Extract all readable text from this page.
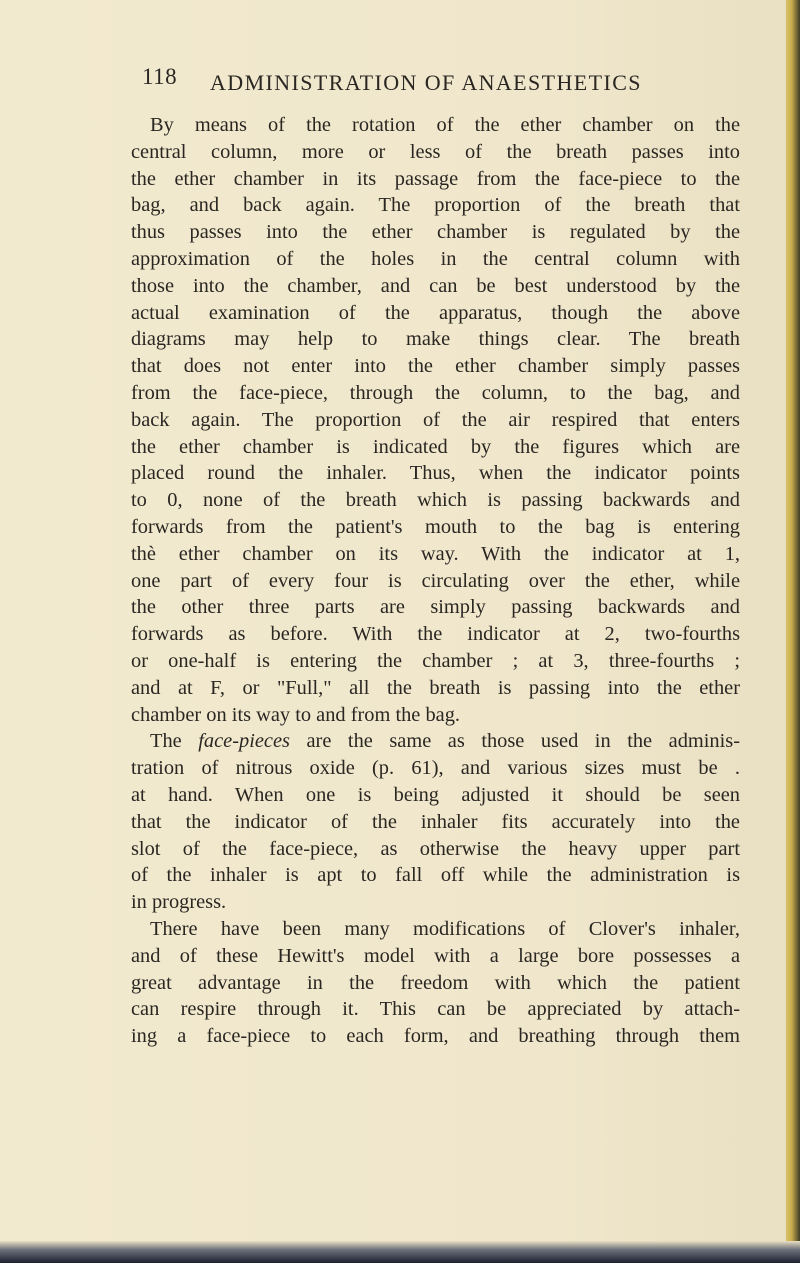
118 ADMINISTRATION OF ANAESTHETICS
By means of the rotation of the ether chamber on the
central column, more or less of the breath passes into
the ether chamber in its passage from the face-piece to the
bag, and back again. The proportion of the breath that
thus passes into the ether chamber is regulated by the
approximation of the holes in the central column with
those into the chamber, and can be best understood by the
actual examination of the apparatus, though the above
diagrams may help to make things clear. The breath
that does not enter into the ether chamber simply passes
from the face-piece, through the column, to the bag, and
back again. The proportion of the air respired that enters
the ether chamber is indicated by the figures which are
placed round the inhaler. Thus, when the indicator points
to 0, none of the breath which is passing backwards and
forwards from the patient's mouth to the bag is entering
thè ether chamber on its way. With the indicator at 1,
one part of every four is circulating over the ether, while
the other three parts are simply passing backwards and
forwards as before. With the indicator at 2, two-fourths
or one-half is entering the chamber ; at 3, three-fourths ;
and at F, or "Full," all the breath is passing into the ether
chamber on its way to and from the bag.
The face-pieces are the same as those used in the adminis-
tration of nitrous oxide (p. 61), and various sizes must be .
at hand. When one is being adjusted it should be seen
that the indicator of the inhaler fits accurately into the
slot of the face-piece, as otherwise the heavy upper part
of the inhaler is apt to fall off while the administration is
in progress.
There have been many modifications of Clover's inhaler,
and of these Hewitt's model with a large bore possesses a
great advantage in the freedom with which the patient
can respire through it. This can be appreciated by attach-
ing a face-piece to each form, and breathing through them
